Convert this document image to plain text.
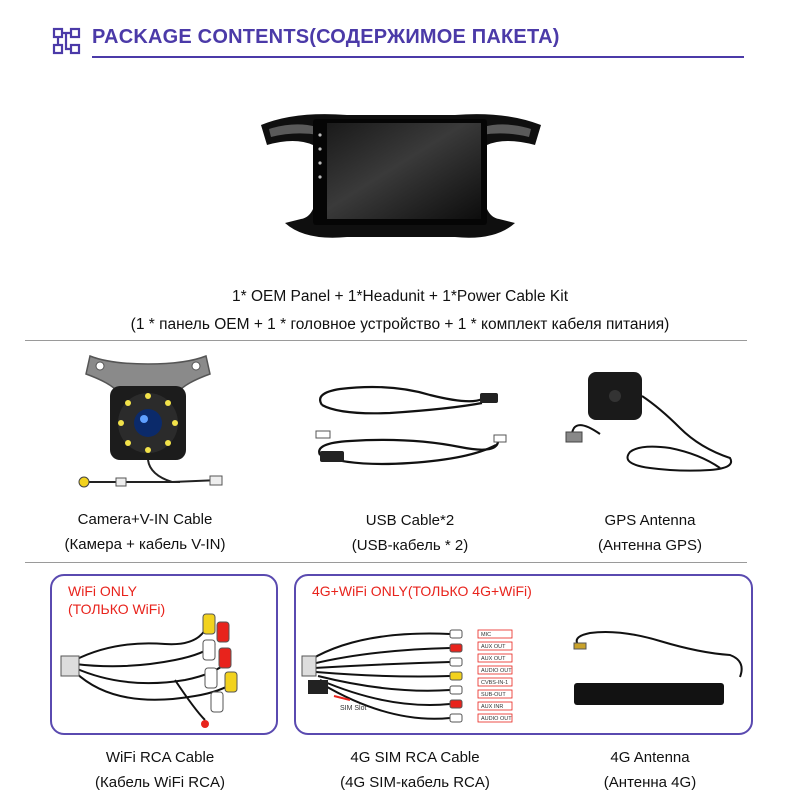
PACKAGE CONTENTS(СОДЕРЖИМОЕ ПАКЕТА)
1* OEM Panel + 1*Headunit + 1*Power Cable Kit
(1 * панель OEM + 1 * головное устройство + 1 * комплект кабеля питания)
Camera+V-IN Cable
(Камера + кабель V-IN)
USB Cable*2
(USB-кабель * 2)
GPS Antenna
(Антенна GPS)
WiFi ONLY
(ТОЛЬКО WiFi)
4G+WiFi ONLY(ТОЛЬКО 4G+WiFi)
SIM Slot
MIC
AUX OUT
AUX OUT
AUDIO OUT
CVBS-IN-1
SUB-OUT
AUX INR
AUDIO OUT
WiFi RCA Cable
(Кабель WiFi RCA)
4G SIM RCA Cable
(4G SIM-кабель RCA)
4G Antenna
(Антенна 4G)
